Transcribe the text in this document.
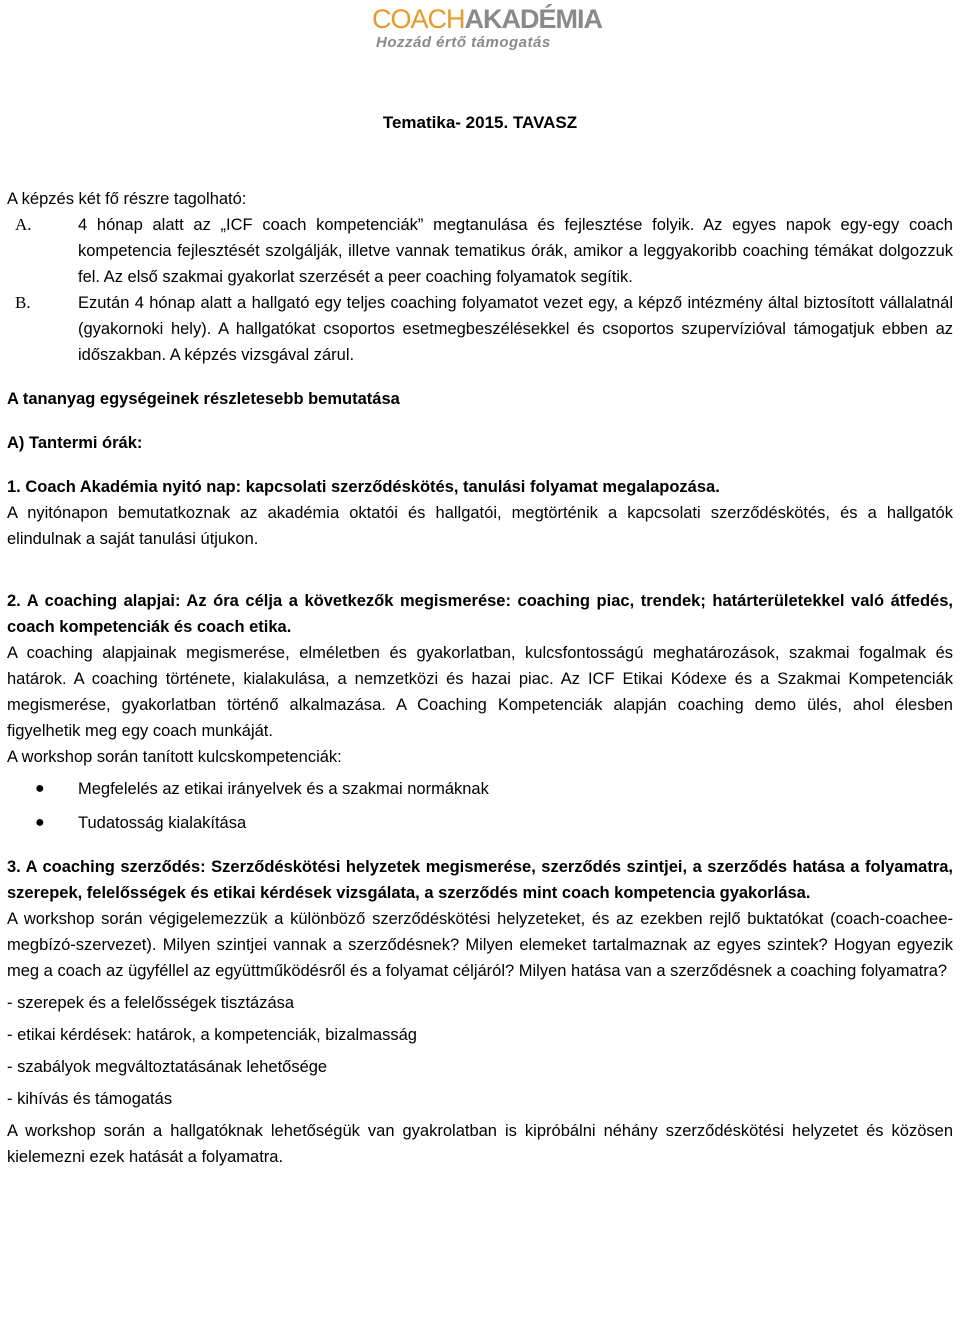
COACHAKADÉMIA
Hozzád értő támogatás
Tematika- 2015. TAVASZ

A képzés két fő részre tagolható:

A.	4 hónap alatt az „ICF coach kompetenciák” megtanulása és fejlesztése folyik. Az egyes napok egy-egy coach kompetencia fejlesztését szolgálják, illetve vannak tematikus órák, amikor a leggyakoribb coaching témákat dolgozzuk fel. Az első szakmai gyakorlat szerzését a peer coaching folyamatok segítik.
B.	Ezután 4 hónap alatt a hallgató egy teljes coaching folyamatot vezet egy, a képző intézmény által biztosított vállalatnál (gyakornoki hely). A hallgatókat csoportos esetmegbeszélésekkel és csoportos szupervízióval támogatjuk ebben az időszakban. A képzés vizsgával zárul.

A tananyag egységeinek részletesebb bemutatása

A) Tantermi órák:

1. Coach Akadémia nyitó nap: kapcsolati szerződéskötés, tanulási folyamat megalapozása.

A nyitónapon bemutatkoznak az akadémia oktatói és hallgatói, megtörténik a kapcsolati szerződéskötés, és a hallgatók elindulnak a saját tanulási útjukon.

2. A coaching alapjai: Az óra célja a következők megismerése: coaching piac, trendek; határterületekkel való átfedés, coach kompetenciák és coach etika.

A coaching alapjainak megismerése, elméletben és gyakorlatban, kulcsfontosságú meghatározások, szakmai fogalmak és határok. A coaching története, kialakulása, a nemzetközi és hazai piac. Az ICF Etikai Kódexe és a Szakmai Kompetenciák megismerése, gyakorlatban történő alkalmazása. A Coaching Kompetenciák alapján coaching demo ülés, ahol élesben figyelhetik meg egy coach munkáját.

A workshop során tanított kulcskompetenciák:

●	Megfelelés az etikai irányelvek és a szakmai normáknak
●	Tudatosság kialakítása

3. A coaching szerződés: Szerződéskötési helyzetek megismerése, szerződés szintjei, a szerződés hatása a folyamatra, szerepek, felelősségek és etikai kérdések vizsgálata, a szerződés mint coach kompetencia gyakorlása.

A workshop során végigelemezzük a különböző szerződéskötési helyzeteket, és az ezekben rejlő buktatókat (coach-coachee-megbízó-szervezet). Milyen szintjei vannak a szerződésnek? Milyen elemeket tartalmaznak az egyes szintek? Hogyan egyezik meg a coach az ügyféllel az együttműködésről és a folyamat céljáról? Milyen hatása van a szerződésnek a coaching folyamatra?

- szerepek és a felelősségek tisztázása

- etikai kérdések: határok, a kompetenciák, bizalmasság

- szabályok megváltoztatásának lehetősége

- kihívás és támogatás

A workshop során a hallgatóknak lehetőségük van gyakrolatban is kipróbálni néhány szerződéskötési helyzetet és közösen kielemezni ezek hatását a folyamatra.
